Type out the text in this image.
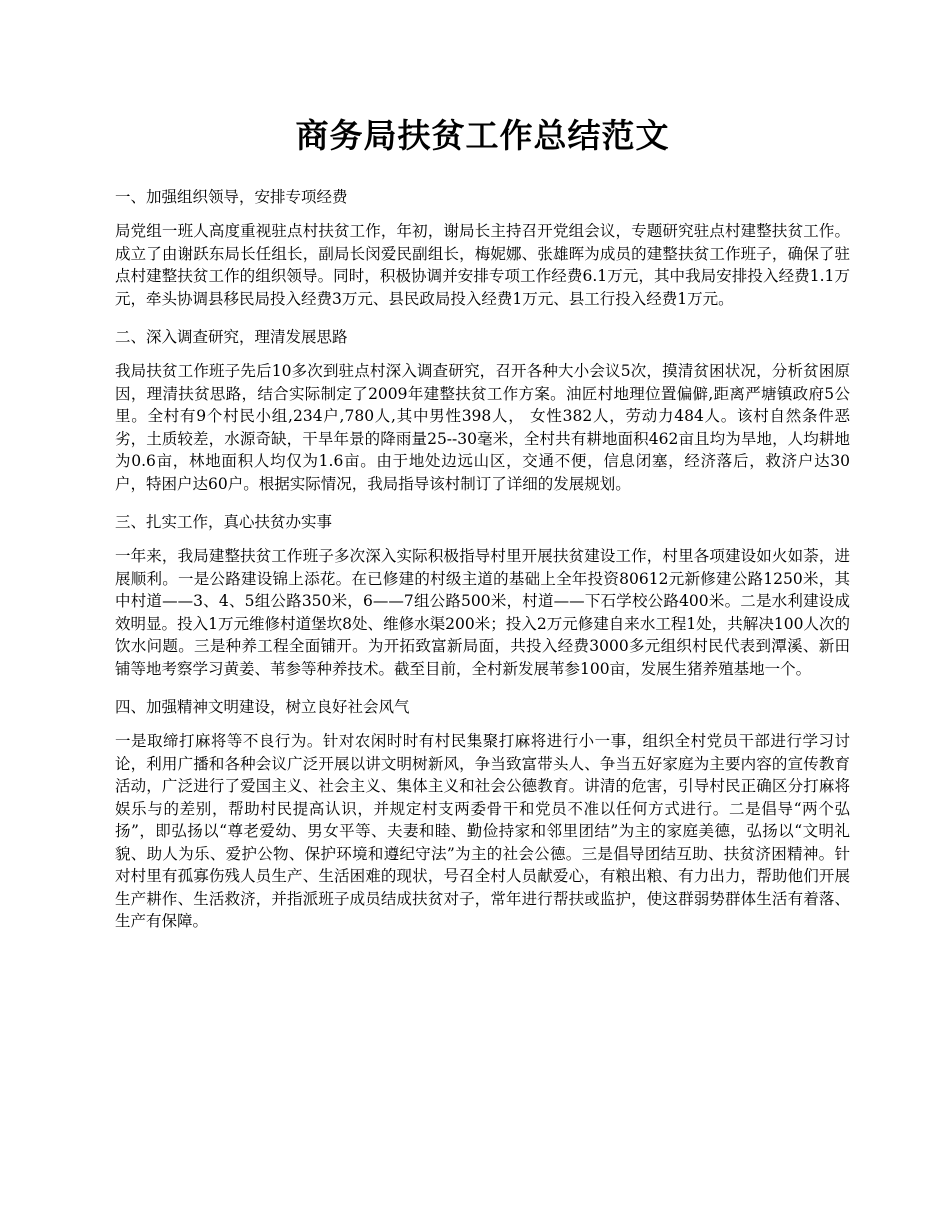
商务局扶贫工作总结范文

一、加强组织领导，安排专项经费

局党组一班人高度重视驻点村扶贫工作，年初，谢局长主持召开党组会议，专题研究驻点村建整扶贫工作。成立了由谢跃东局长任组长，副局长闵爱民副组长，梅妮娜、张雄晖为成员的建整扶贫工作班子，确保了驻点村建整扶贫工作的组织领导。同时，积极协调并安排专项工作经费6.1万元，其中我局安排投入经费1.1万元，牵头协调县移民局投入经费3万元、县民政局投入经费1万元、县工行投入经费1万元。

二、深入调查研究，理清发展思路

我局扶贫工作班子先后10多次到驻点村深入调查研究，召开各种大小会议5次，摸清贫困状况，分析贫困原因，理清扶贫思路，结合实际制定了2009年建整扶贫工作方案。油匠村地理位置偏僻,距离严塘镇政府5公里。全村有9个村民小组,234户,780人,其中男性398人， 女性382人，劳动力484人。该村自然条件恶劣，土质较差，水源奇缺，干旱年景的降雨量25--30毫米，全村共有耕地面积462亩且均为旱地，人均耕地为0.6亩，林地面积人均仅为1.6亩。由于地处边远山区，交通不便，信息闭塞，经济落后，救济户达30户，特困户达60户。根据实际情况，我局指导该村制订了详细的发展规划。

三、扎实工作，真心扶贫办实事

一年来，我局建整扶贫工作班子多次深入实际积极指导村里开展扶贫建设工作，村里各项建设如火如荼，进展顺利。一是公路建设锦上添花。在已修建的村级主道的基础上全年投资80612元新修建公路1250米，其中村道——3、4、5组公路350米，6——7组公路500米，村道——下石学校公路400米。二是水利建设成效明显。投入1万元维修村道堡坎8处、维修水渠200米；投入2万元修建自来水工程1处，共解决100人次的饮水问题。三是种养工程全面铺开。为开拓致富新局面，共投入经费3000多元组织村民代表到潭溪、新田铺等地考察学习黄姜、苇参等种养技术。截至目前，全村新发展苇参100亩，发展生猪养殖基地一个。

四、加强精神文明建设，树立良好社会风气

一是取缔打麻将等不良行为。针对农闲时时有村民集聚打麻将进行小一事，组织全村党员干部进行学习讨论，利用广播和各种会议广泛开展以讲文明树新风，争当致富带头人、争当五好家庭为主要内容的宣传教育活动，广泛进行了爱国主义、社会主义、集体主义和社会公德教育。讲清的危害，引导村民正确区分打麻将娱乐与的差别，帮助村民提高认识，并规定村支两委骨干和党员不准以任何方式进行。二是倡导“两个弘扬”，即弘扬以“尊老爱幼、男女平等、夫妻和睦、勤俭持家和邻里团结”为主的家庭美德，弘扬以“文明礼貌、助人为乐、爱护公物、保护环境和遵纪守法”为主的社会公德。三是倡导团结互助、扶贫济困精神。针对村里有孤寡伤残人员生产、生活困难的现状，号召全村人员献爱心，有粮出粮、有力出力，帮助他们开展生产耕作、生活救济，并指派班子成员结成扶贫对子，常年进行帮扶或监护，使这群弱势群体生活有着落、生产有保障。
